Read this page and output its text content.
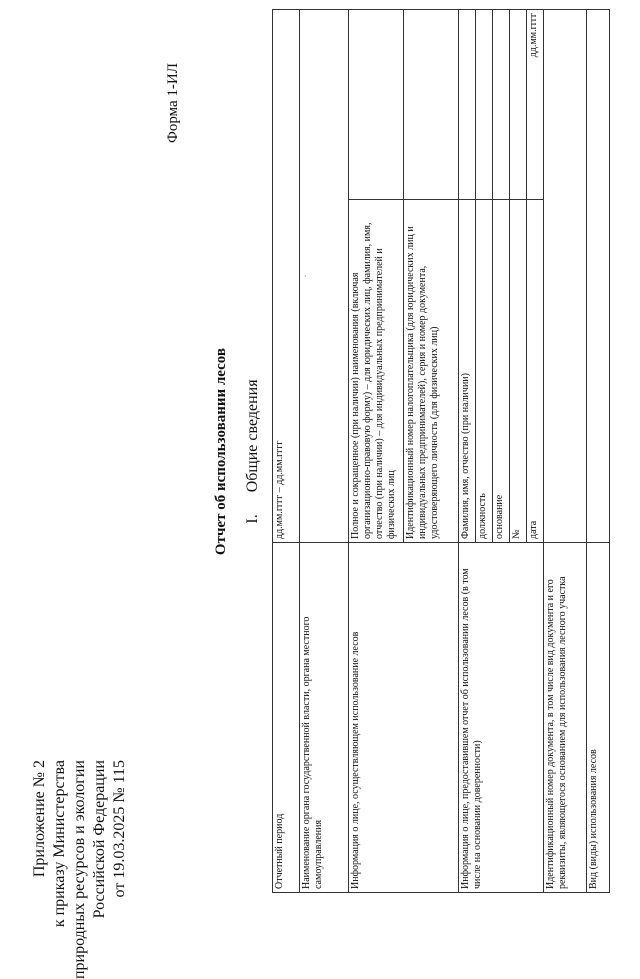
Приложение № 2 к приказу Министерства природных ресурсов и экологии Российской Федерации от 19.03.2025 № 115
Форма 1-ИЛ
Отчет об использовании лесов I. Общие сведения
Отчетный период	дд.мм.гггг – дд.мм.гггг	
Наименование органа государственной власти, органа местного самоуправления	·	
Информация о лице, осуществляющем использование лесов	Полное и сокращенное (при наличии) наименования (включая организационно-правовую форму) – для юридических лиц, фамилия, имя, отчество (при наличии) – для индивидуальных предпринимателей и физических лиц	
	Идентификационный номер налогоплательщика (для юридических лиц и индивидуальных предпринимателей), серия и номер документа, удостоверяющего личность (для физических лиц)	
Информация о лице, предоставившем отчет об использовании лесов (в том числе на основании доверенности)	Фамилия, имя, отчество (при наличии)	
	должность	
	основание	
	№	
	дата	дд.мм.гггг
Идентификационный номер документа, в том числе вид документа и его реквизиты, являющегося основанием для использования лесного участка		
Вид (виды) использования лесов		
